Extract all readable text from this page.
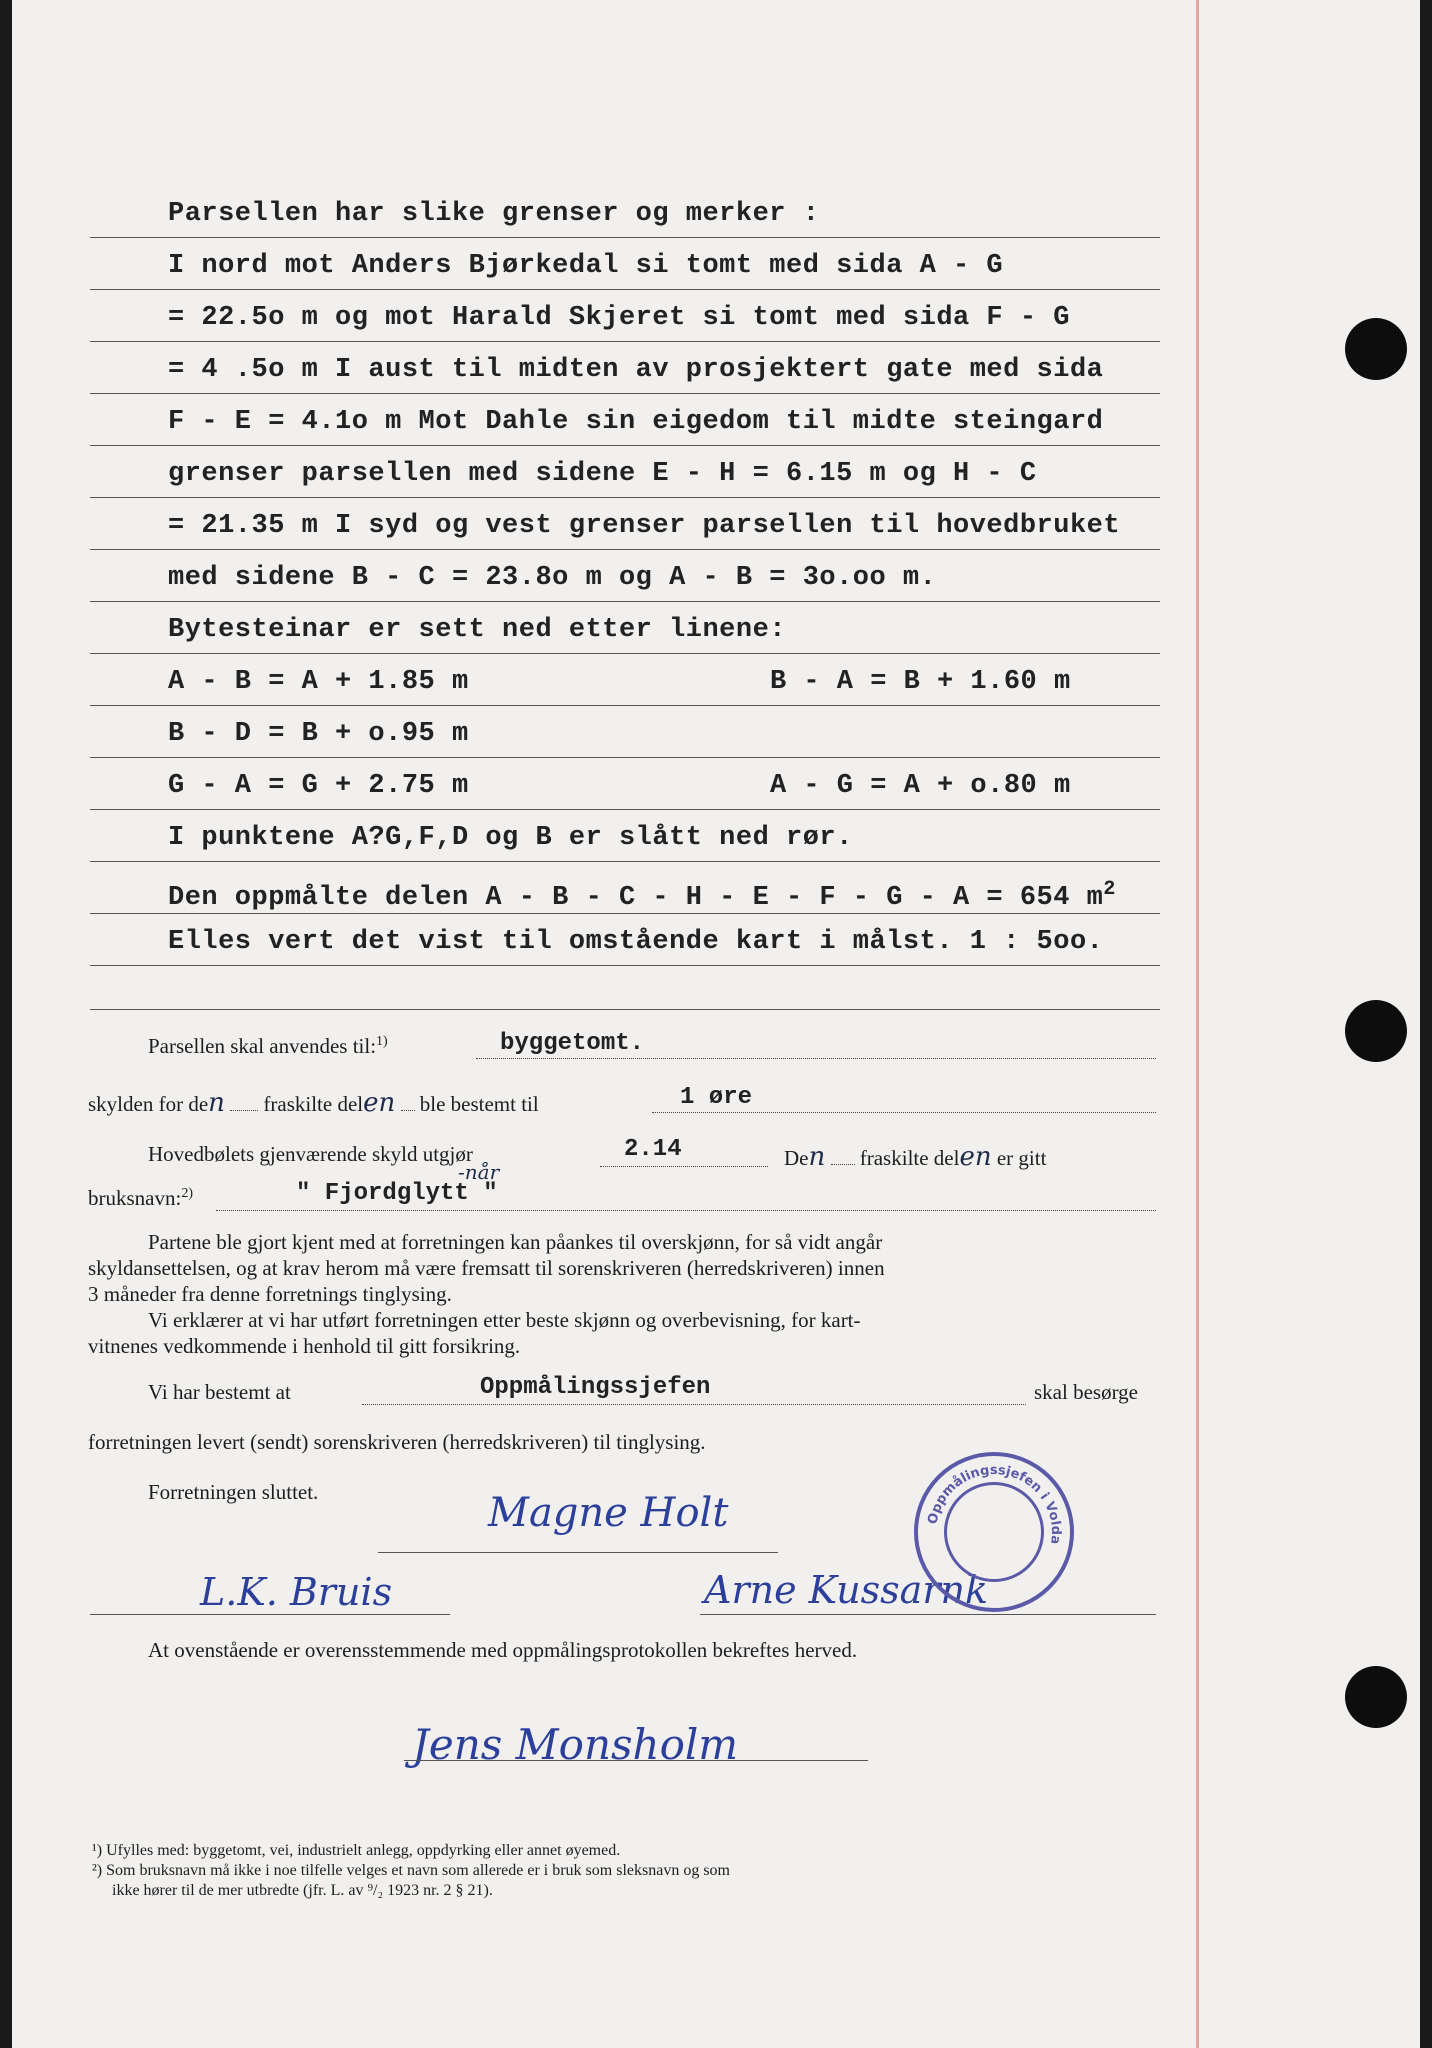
Parsellen har slike grenser og merker :
I nord mot Anders Bjørkedal si tomt med sida A - G
= 22.5o m og mot Harald Skjeret si tomt med sida F - G
= 4 .5o m I aust til midten av prosjektert gate med sida
F - E = 4.1o m Mot Dahle sin eigedom til midte steingard
grenser parsellen med sidene E - H = 6.15 m og H - C
= 21.35 m I syd og vest grenser parsellen til hovedbruket
med sidene B - C = 23.8o m og A - B = 3o.oo m.
Bytesteinar er sett ned etter linene:
A - B = A + 1.85 m	B - A = B + 1.60 m
B - D = B + o.95 m
G - A = G + 2.75 m	A - G = A + o.80 m
I punktene A?G,F,D og B er slått ned rør.
Den oppmålte delen A - B - C - H - E - F - G - A = 654 $m^2$
Elles vert det vist til omstående kart i målst. 1 : 5oo.
Parsellen skal anvendes til:$^{1)}$	byggetomt.
skylden for den fraskilte delen ble bestemt til	1 øre
Hovedbølets gjenværende skyld utgjør	2.14	Den fraskilte delen er gitt
bruksnavn:$^{2)}$	" Fjordglytt "
-når
Partene ble gjort kjent med at forretningen kan påankes til overskjønn, for så vidt angår
skyldansettelsen, og at krav herom må være fremsatt til sorenskriveren (herredskriveren) innen
3 måneder fra denne forretnings tinglysing.
Vi erklærer at vi har utført forretningen etter beste skjønn og overbevisning, for kart-
vitnenes vedkommende i henhold til gitt forsikring.
Vi har bestemt at	Oppmålingssjefen	skal besørge
forretningen levert (sendt) sorenskriveren (herredskriveren) til tinglysing.
Forretningen sluttet.	Magne Holt
L.K. Bruis	Arne Kussarnk
Oppmålingssjefen i Volda
At ovenstående er overensstemmende med oppmålingsprotokollen bekreftes herved.
Jens Monsholm
¹) Ufylles med: byggetomt, vei, industrielt anlegg, oppdyrking eller annet øyemed.
²) Som bruksnavn må ikke i noe tilfelle velges et navn som allerede er i bruk som sleksnavn og som
ikke hører til de mer utbredte (jfr. L. av ⁹/₂ 1923 nr. 2 § 21).
